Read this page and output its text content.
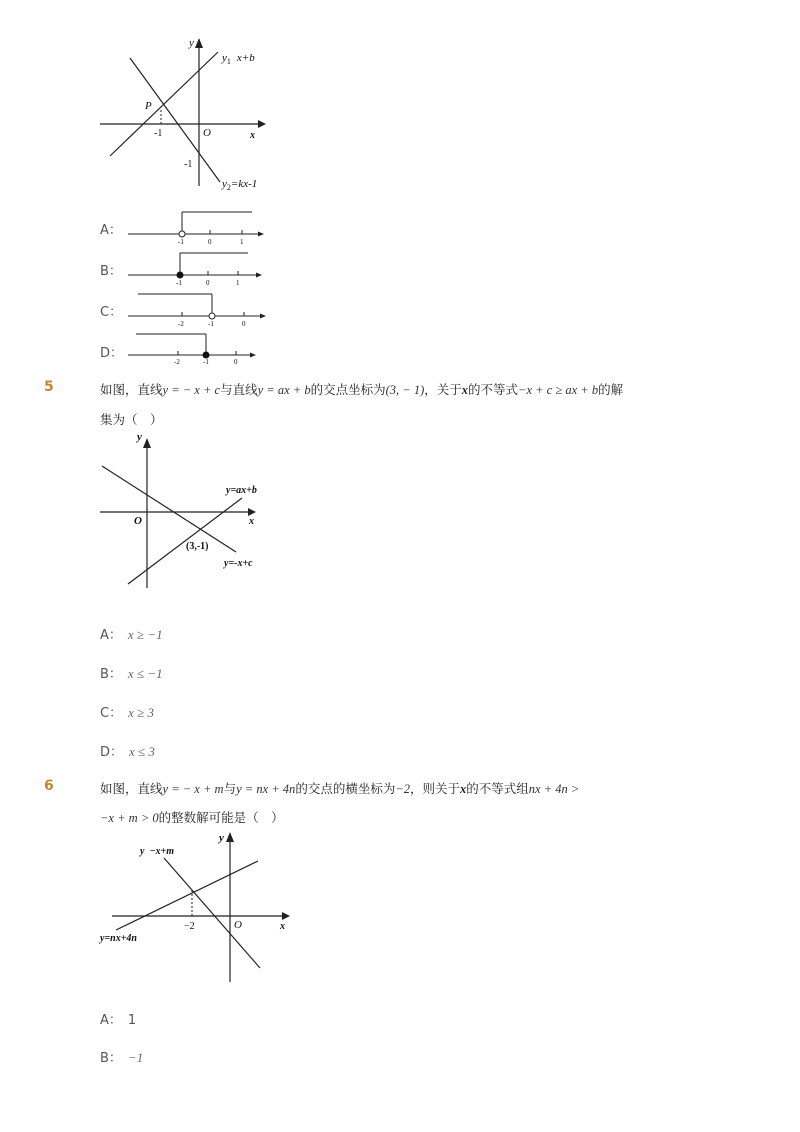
y
x
O
P
-1
-1
$y_1$ x+b
$y_2=kx-1$
A：
-1	0	1
B：
-1	0	1
C：
-2	-1	0
D：
-2	-1	0
5	如图，直线y = − x + c与直线y = ax + b的交点坐标为(3, − 1)，关于x的不等式−x + c ≥ ax + b的解
集为（　）
y
x
O
y=ax+b
y=-x+c
(3,-1)
A： x ≥ −1
B： x ≤ −1
C： x ≥ 3
D： x ≤ 3
6	如图，直线y = − x + m与y = nx + 4n的交点的横坐标为−2，则关于x的不等式组nx + 4n >
−x + m > 0的整数解可能是（　）
y
x
O
−2
y  −x+m
y=nx+4n
A： 1
B： −1
